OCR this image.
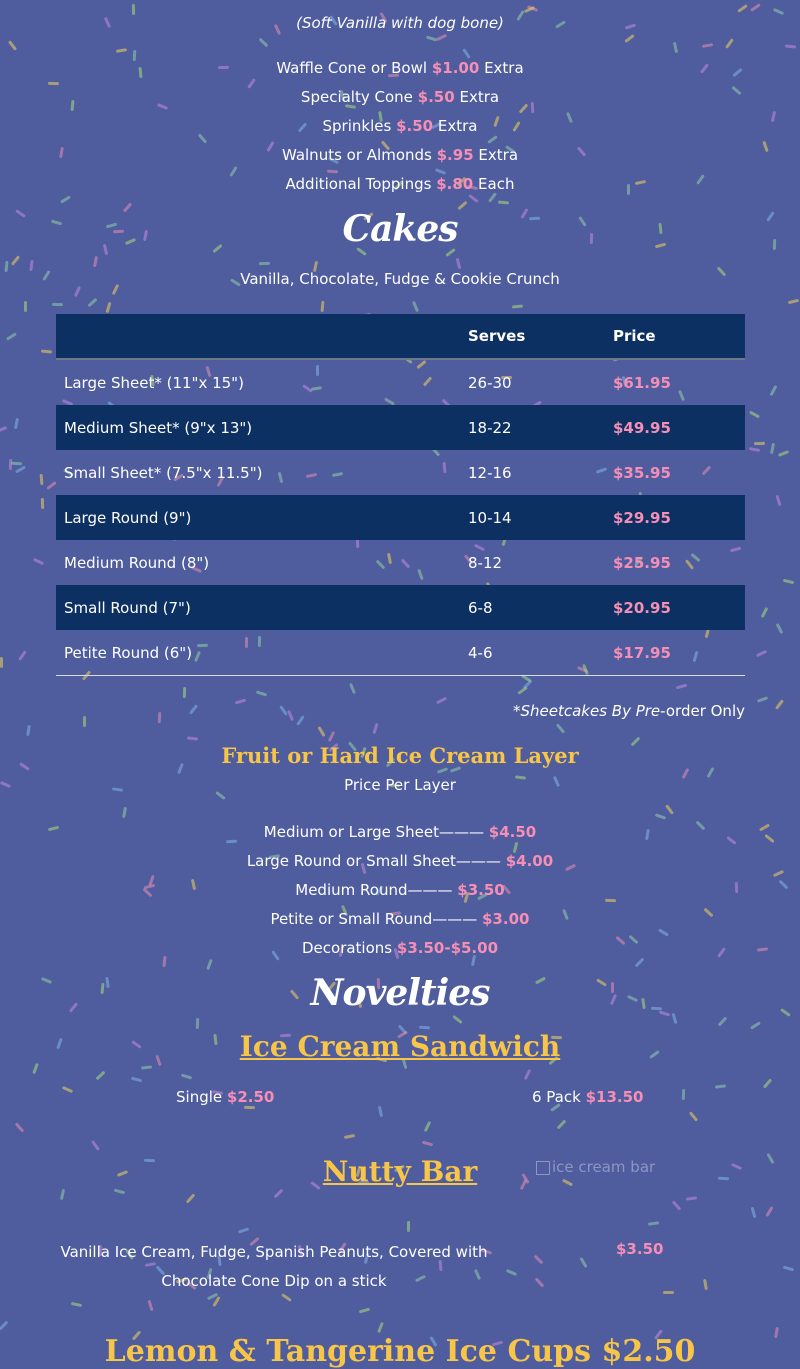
(Soft Vanilla with dog bone)
Waffle Cone or Bowl $1.00 Extra
Specialty Cone $.50 Extra
Sprinkles $.50 Extra
Walnuts or Almonds $.95 Extra
Additional Toppings $.80 Each
Cakes
Vanilla, Chocolate, Fudge & Cookie Crunch
	Serves	Price
Large Sheet* (11"x 15")	26-30	$61.95
Medium Sheet* (9"x 13")	18-22	$49.95
Small Sheet* (7.5"x 11.5")	12-16	$35.95
Large Round (9")	10-14	$29.95
Medium Round (8")	8-12	$25.95
Small Round (7")	6-8	$20.95
Petite Round (6")	4-6	$17.95
*Sheetcakes By Pre-order Only
Fruit or Hard Ice Cream Layer
Price Per Layer
Medium or Large Sheet——— $4.50
Large Round or Small Sheet——— $4.00
Medium Round——— $3.50
Petite or Small Round——— $3.00
Decorations $3.50-$5.00
Novelties
Ice Cream Sandwich
Single $2.50	6 Pack $13.50
Nutty Bar	ice cream bar
Vanilla Ice Cream, Fudge, Spanish Peanuts, Covered with Chocolate Cone Dip on a stick
$3.50
Lemon & Tangerine Ice Cups $2.50
